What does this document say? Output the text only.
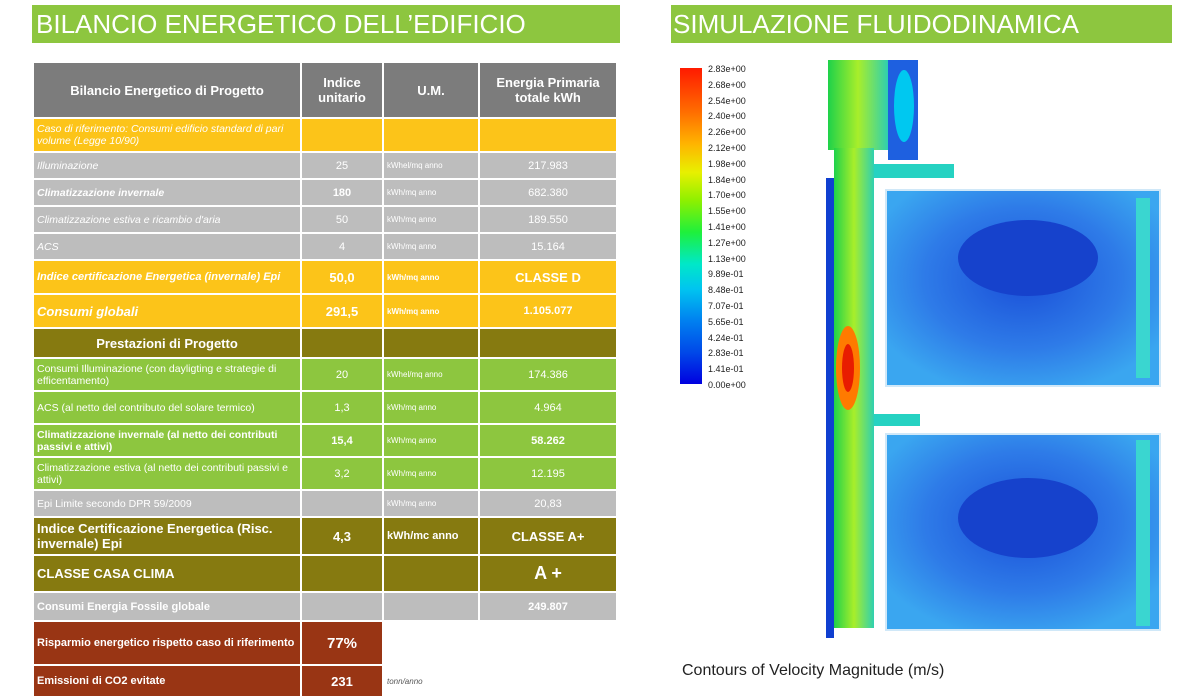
BILANCIO ENERGETICO DELL’EDIFICIO	SIMULAZIONE FLUIDODINAMICA
Bilancio Energetico di Progetto	Indice unitario	U.M.	Energia Primaria totale kWh
Caso di riferimento: Consumi edificio standard di pari volume (Legge 10/90)			
Illuminazione	25	kWhel/mq anno	217.983
Climatizzazione invernale	180	kWh/mq anno	682.380
Climatizzazione estiva e ricambio d'aria	50	kWh/mq anno	189.550
ACS	4	kWh/mq anno	15.164
Indice certificazione Energetica (invernale) Epi	50,0	kWh/mq anno	CLASSE D
Consumi globali	291,5	kWh/mq anno	1.105.077
Prestazioni di Progetto			
Consumi Illuminazione (con dayligting e strategie di efficentamento)	20	kWhel/mq anno	174.386
ACS (al netto del contributo del solare termico)	1,3	kWh/mq anno	4.964
Climatizzazione invernale (al netto dei contributi passivi e attivi)	15,4	kWh/mq anno	58.262
Climatizzazione estiva (al netto dei contributi passivi e attivi)	3,2	kWh/mq anno	12.195
Epi Limite secondo DPR 59/2009		kWh/mq anno	20,83
Indice Certificazione Energetica (Risc. invernale) Epi	4,3	kWh/mc anno	CLASSE A+
CLASSE CASA CLIMA			A +
Consumi Energia Fossile globale			249.807
Risparmio energetico rispetto caso di riferimento	77%		
Emissioni di CO2 evitate	231	tonn/anno	
2.83e+00
2.68e+00
2.54e+00
2.40e+00
2.26e+00
2.12e+00
1.98e+00
1.84e+00
1.70e+00
1.55e+00
1.41e+00
1.27e+00
1.13e+00
9.89e-01
8.48e-01
7.07e-01
5.65e-01
4.24e-01
2.83e-01
1.41e-01
0.00e+00
Contours of Velocity Magnitude (m/s)
